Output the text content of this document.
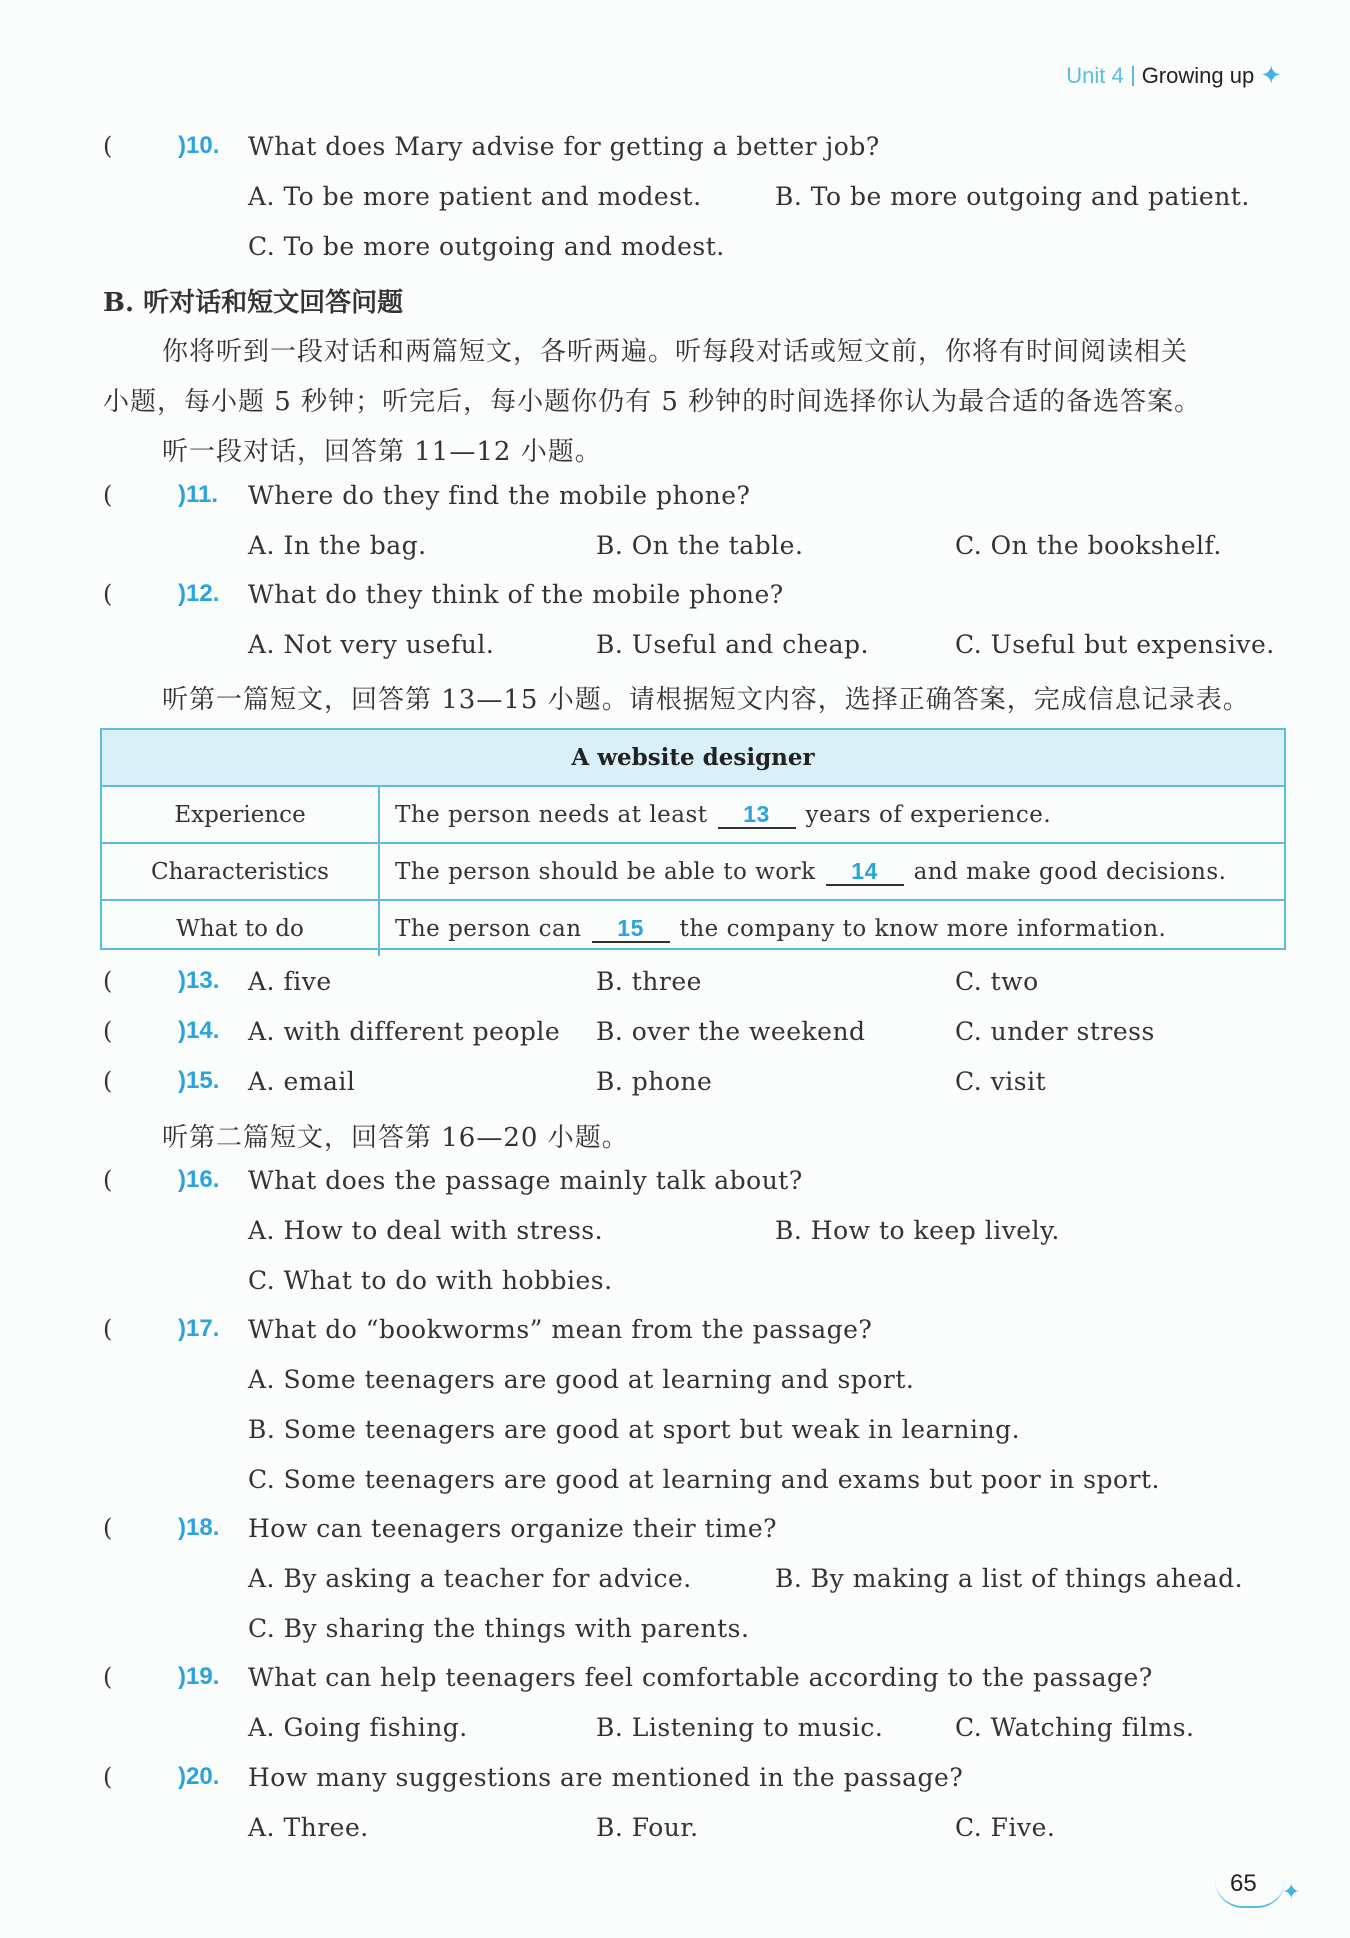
Unit 4 Growing up ✦
(	)10. What does Mary advise for getting a better job?
A. To be more patient and modest.	B. To be more outgoing and patient.
C. To be more outgoing and modest.
B. 听对话和短文回答问题
你将听到一段对话和两篇短文，各听两遍。听每段对话或短文前，你将有时间阅读相关
小题，每小题 5 秒钟；听完后，每小题你仍有 5 秒钟的时间选择你认为最合适的备选答案。
听一段对话，回答第 11—12 小题。
(	)11. Where do they find the mobile phone?
A. In the bag.	B. On the table.	C. On the bookshelf.
(	)12. What do they think of the mobile phone?
A. Not very useful.	B. Useful and cheap.	C. Useful but expensive.
听第一篇短文，回答第 13—15 小题。请根据短文内容，选择正确答案，完成信息记录表。
A website designer
Experience	The person needs at least	13	years of experience.
Characteristics	The person should be able to work	14	and make good decisions.
What to do	The person can	15	the company to know more information.
(	)13. A. five	B. three	C. two
(	)14. A. with different people B. over the weekend	C. under stress
(	)15. A. email	B. phone	C. visit
听第二篇短文，回答第 16—20 小题。
(	)16. What does the passage mainly talk about?
A. How to deal with stress.	B. How to keep lively.
C. What to do with hobbies.
(	)17. What do “bookworms” mean from the passage?
A. Some teenagers are good at learning and sport.
B. Some teenagers are good at sport but weak in learning.
C. Some teenagers are good at learning and exams but poor in sport.
(	)18. How can teenagers organize their time?
A. By asking a teacher for advice.	B. By making a list of things ahead.
C. By sharing the things with parents.
(	)19. What can help teenagers feel comfortable according to the passage?
A. Going fishing.	B. Listening to music.	C. Watching films.
(	)20. How many suggestions are mentioned in the passage?
A. Three.	B. Four.	C. Five.
65 ✦
